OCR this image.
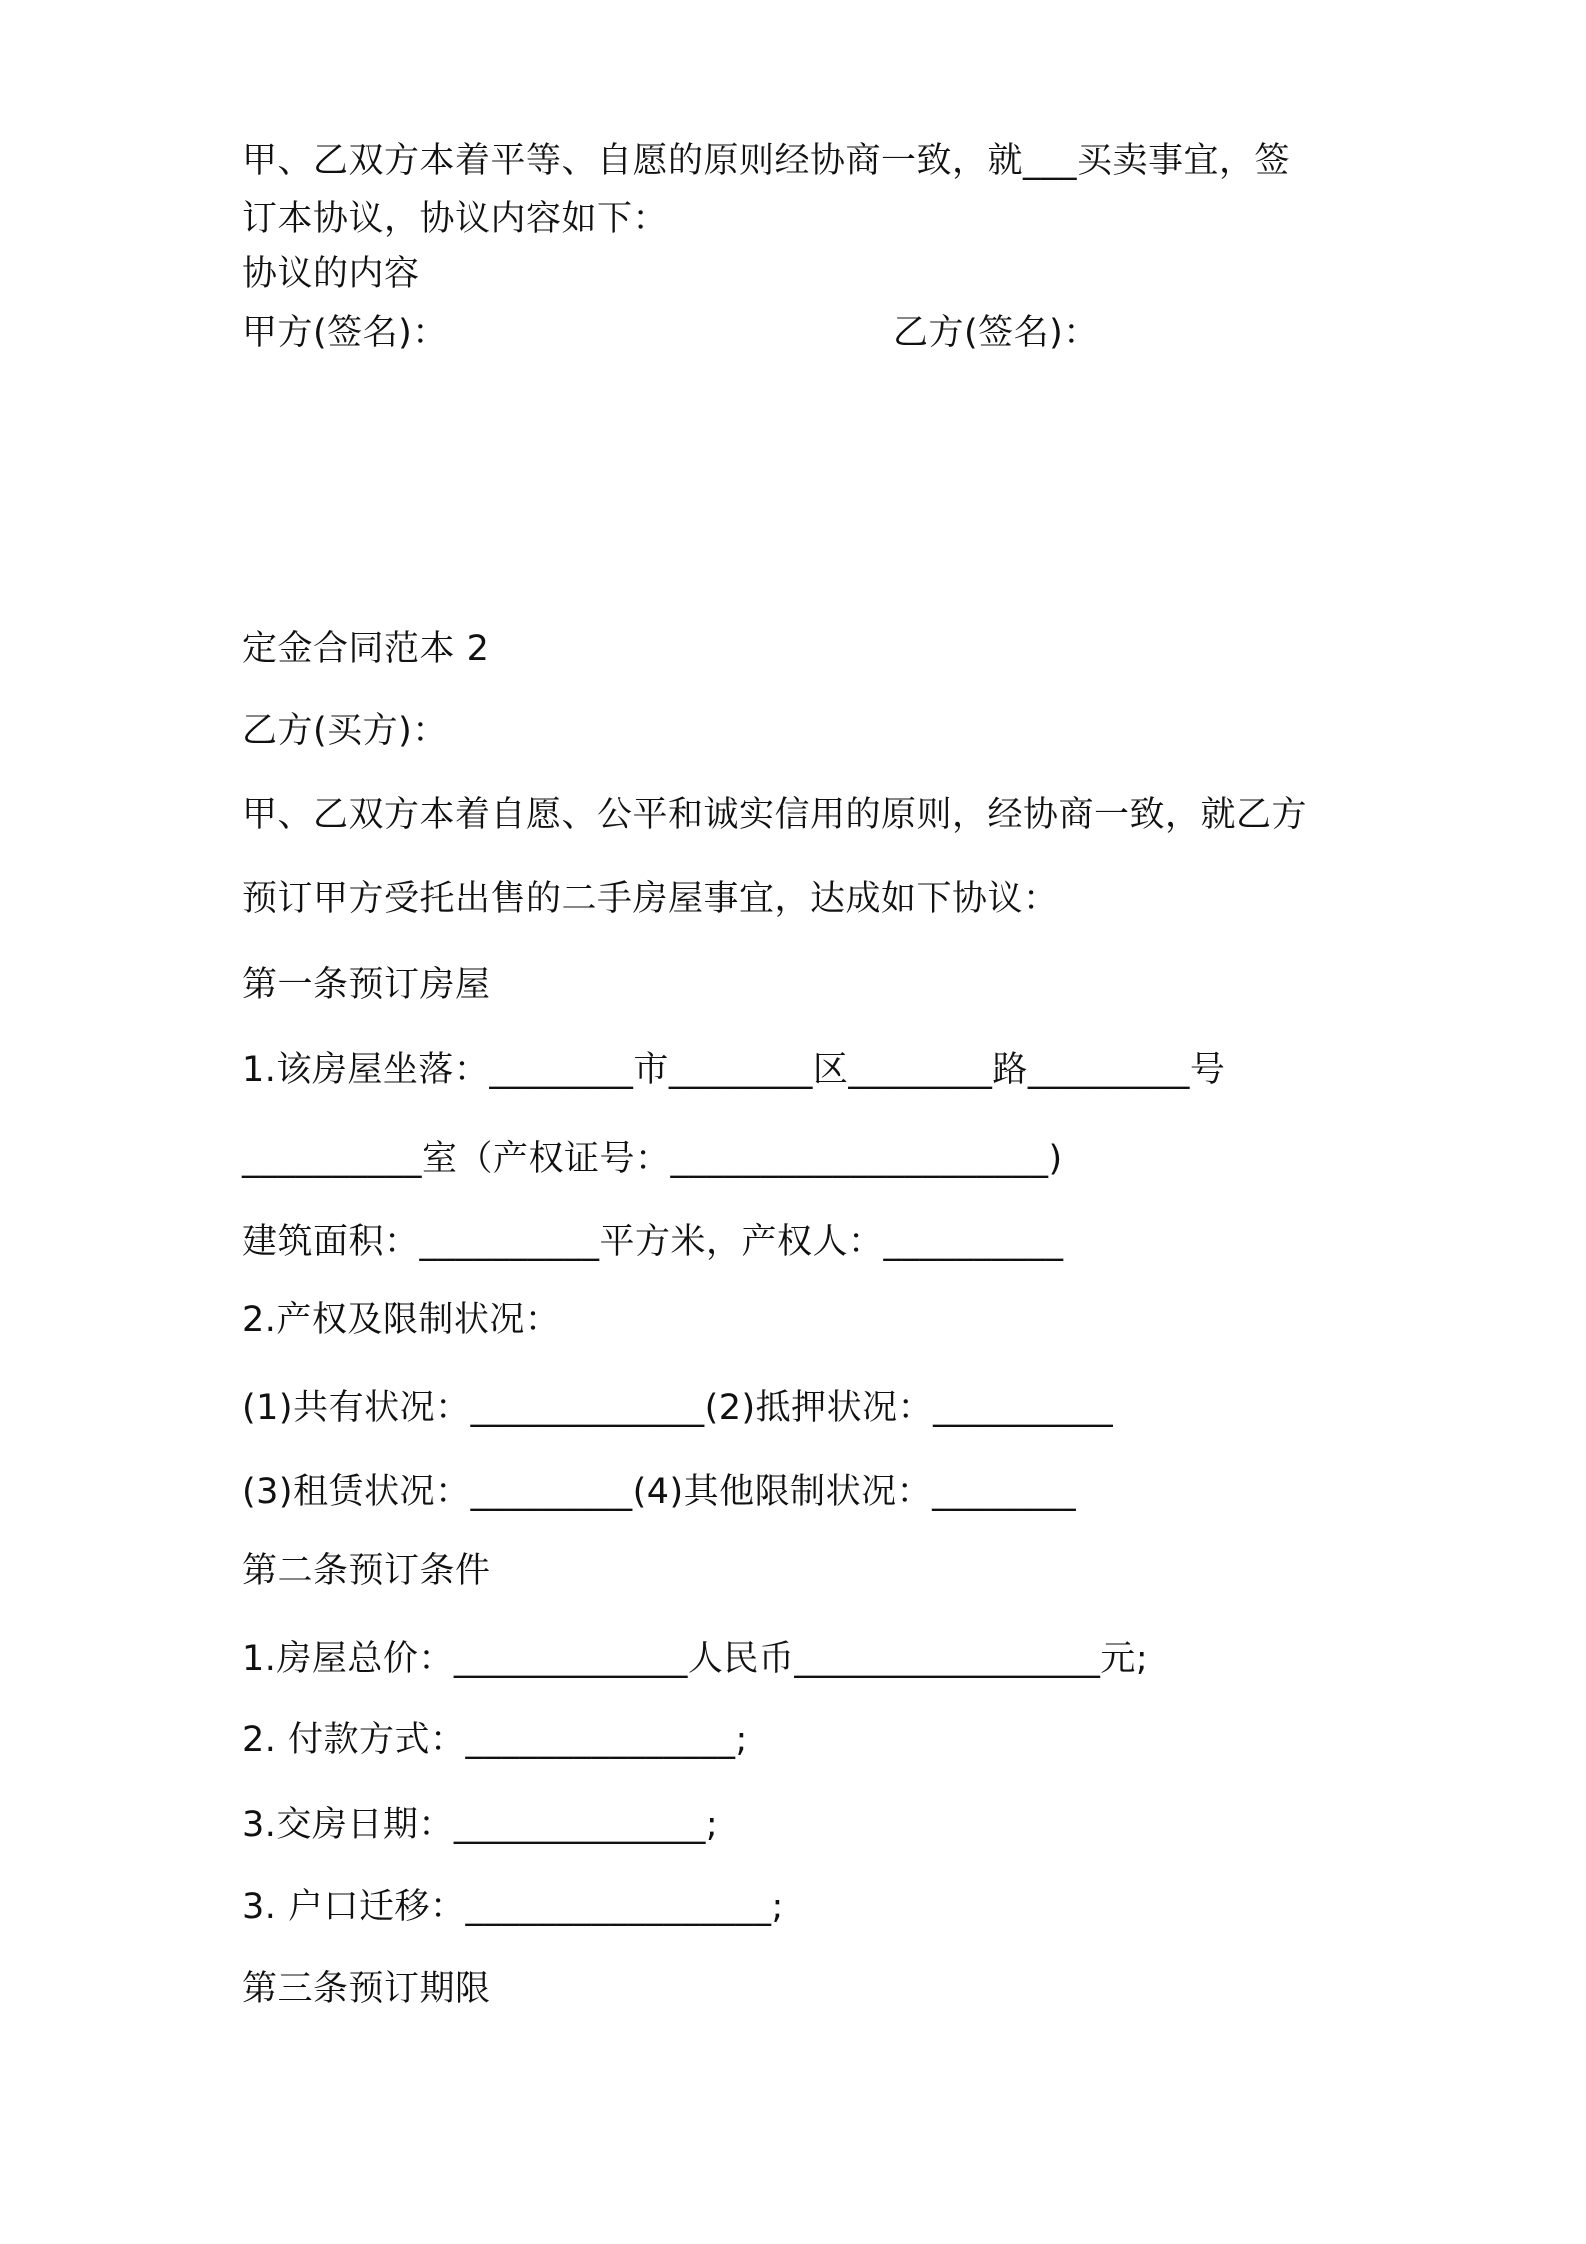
甲、乙双方本着平等、自愿的原则经协商一致，就___买卖事宜，签
订本协议，协议内容如下：
协议的内容
甲方(签名)：	乙方(签名)：
定金合同范本 2
乙方(买方)：
甲、乙双方本着自愿、公平和诚实信用的原则，经协商一致，就乙方
预订甲方受托出售的二手房屋事宜，达成如下协议：
第一条预订房屋
1.该房屋坐落：________市________区________路_________号
__________室（产权证号：_____________________)
建筑面积：__________平方米，产权人：__________
2.产权及限制状况：
(1)共有状况：_____________(2)抵押状况：__________
(3)租赁状况：_________(4)其他限制状况：________
第二条预订条件
1.房屋总价：_____________人民币_________________元;
2. 付款方式：_______________;
3.交房日期：______________;
3. 户口迁移：_________________;
第三条预订期限
